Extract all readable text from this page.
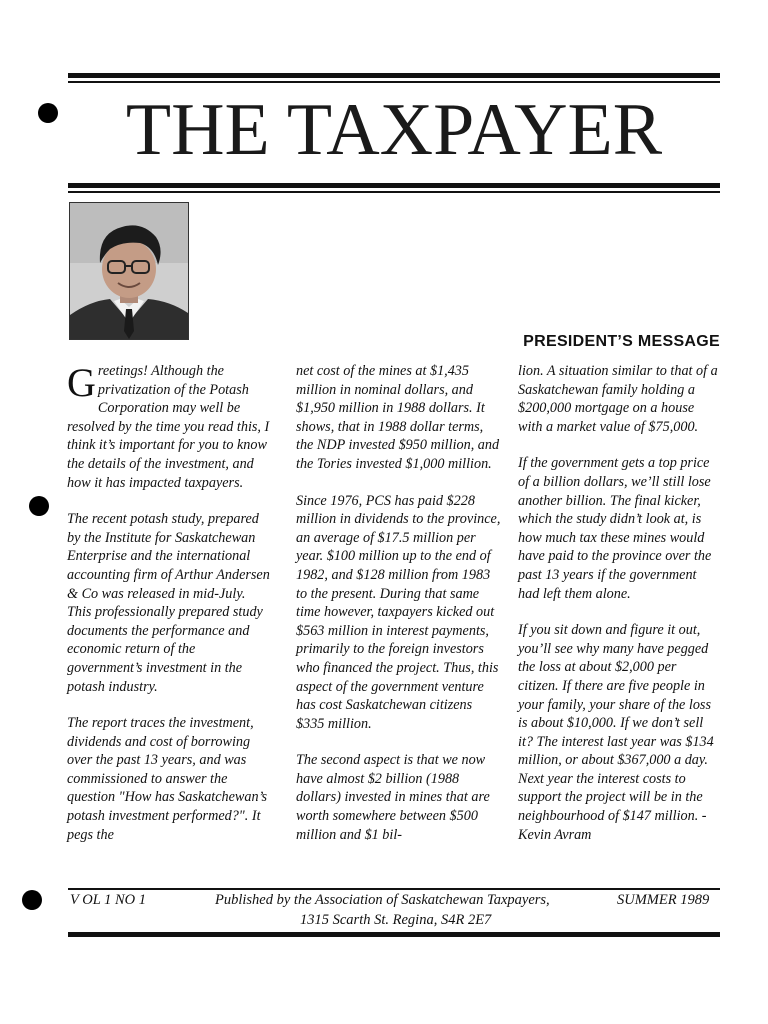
THE TAXPAYER
PRESIDENT’S MESSAGE

Greetings! Although the privatization of the Potash Corporation may well be resolved by the time you read this, I think it’s important for you to know the details of the investment, and how it has impacted taxpayers.

The recent potash study, prepared by the Institute for Saskatchewan Enterprise and the international accounting firm of Arthur Andersen & Co was released in mid-July. This professionally prepared study documents the performance and economic return of the government’s investment in the potash industry.

The report traces the investment, dividends and cost of borrowing over the past 13 years, and was commissioned to answer the question "How has Saskatchewan’s potash investment performed?". It pegs the

net cost of the mines at $1,435 million in nominal dollars, and $1,950 million in 1988 dollars. It shows, that in 1988 dollar terms, the NDP invested $950 million, and the Tories invested $1,000 million.

Since 1976, PCS has paid $228 million in dividends to the province, an average of $17.5 million per year. $100 million up to the end of 1982, and $128 million from 1983 to the present. During that same time however, taxpayers kicked out $563 million in interest payments, primarily to the foreign investors who financed the project. Thus, this aspect of the government venture has cost Saskatchewan citizens $335 million.

The second aspect is that we now have almost $2 billion (1988 dollars) invested in mines that are worth somewhere between $500 million and $1 bil-

lion. A situation similar to that of a Saskatchewan family holding a $200,000 mortgage on a house with a market value of $75,000.

If the government gets a top price of a billion dollars, we’ll still lose another billion. The final kicker, which the study didn’t look at, is how much tax these mines would have paid to the province over the past 13 years if the government had left them alone.

If you sit down and figure it out, you’ll see why many have pegged the loss at about $2,000 per citizen. If there are five people in your family, your share of the loss is about $10,000. If we don’t sell it? The interest last year was $134 million, or about $367,000 a day. Next year the interest costs to support the project will be in the neighbourhood of $147 million. - Kevin Avram

V OL 1 NO 1	Published by the Association of Saskatchewan Taxpayers,	SUMMER 1989
1315 Scarth St. Regina, S4R 2E7
